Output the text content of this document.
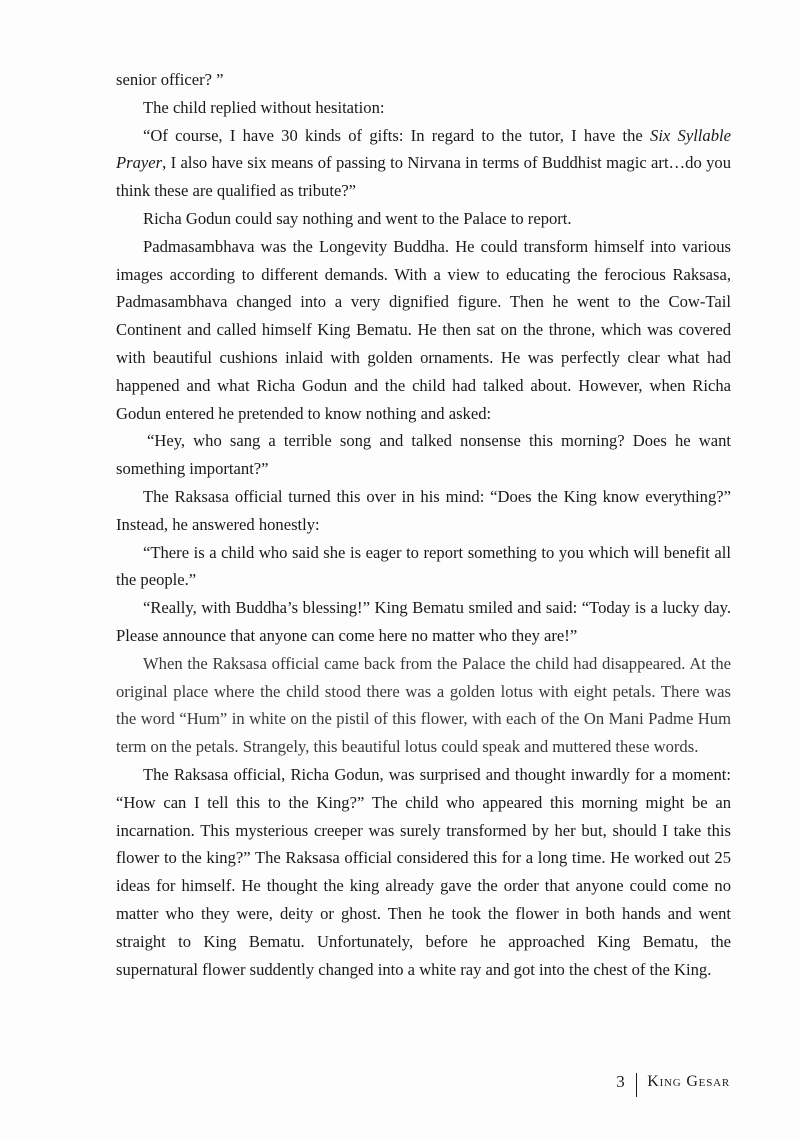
senior officer? ”

The child replied without hesitation:

“Of course, I have 30 kinds of gifts: In regard to the tutor, I have the Six Syllable Prayer, I also have six means of passing to Nirvana in terms of Buddhist magic art…do you think these are qualified as tribute?”

Richa Godun could say nothing and went to the Palace to report.

Padmasambhava was the Longevity Buddha. He could transform himself into various images according to different demands. With a view to educating the ferocious Raksasa, Padmasambhava changed into a very dignified figure. Then he went to the Cow-Tail Continent and called himself King Bematu. He then sat on the throne, which was covered with beautiful cushions inlaid with golden ornaments. He was perfectly clear what had happened and what Richa Godun and the child had talked about. However, when Richa Godun entered he pretended to know nothing and asked:

“Hey, who sang a terrible song and talked nonsense this morning? Does he want something important?”

The Raksasa official turned this over in his mind: “Does the King know everything?” Instead, he answered honestly:

“There is a child who said she is eager to report something to you which will benefit all the people.”

“Really, with Buddha’s blessing!” King Bematu smiled and said: “Today is a lucky day. Please announce that anyone can come here no matter who they are!”

When the Raksasa official came back from the Palace the child had disappeared. At the original place where the child stood there was a golden lotus with eight petals. There was the word “Hum” in white on the pistil of this flower, with each of the On Mani Padme Hum term on the petals. Strangely, this beautiful lotus could speak and muttered these words.

The Raksasa official, Richa Godun, was surprised and thought inwardly for a moment: “How can I tell this to the King?” The child who appeared this morning might be an incarnation. This mysterious creeper was surely transformed by her but, should I take this flower to the king?” The Raksasa official considered this for a long time. He worked out 25 ideas for himself. He thought the king already gave the order that anyone could come no matter who they were, deity or ghost. Then he took the flower in both hands and went straight to King Bematu. Unfortunately, before he approached King Bematu, the supernatural flower suddently changed into a white ray and got into the chest of the King.

3 King Gesar
